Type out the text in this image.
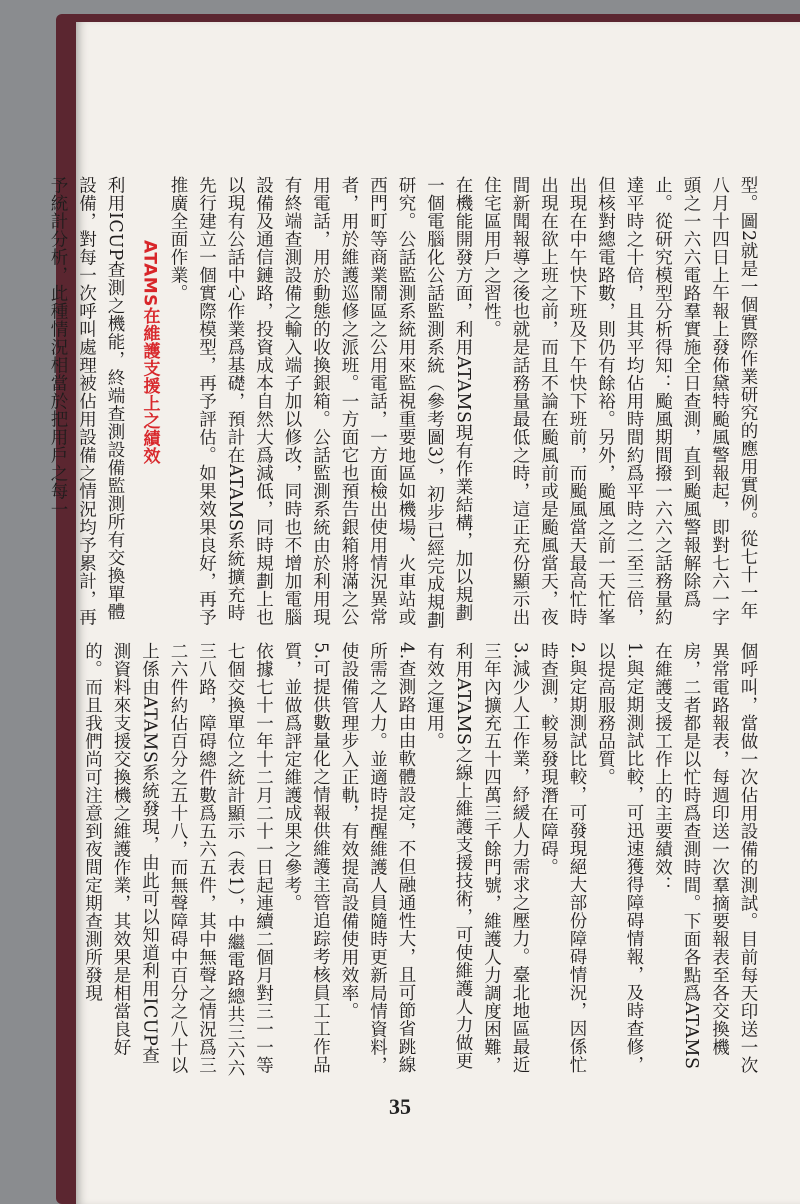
型。圖2就是一個實際作業研究的應用實例。從七十一年八月十四日上午報上發佈黛特颱風警報起，即對七六一字頭之一六六電路羣實施全日查測，直到颱風警報解除爲止。從研究模型分析得知：颱風期間撥一六六之話務量約達平時之十倍，且其平均佔用時間約爲平時之二至三倍，但核對總電路數，則仍有餘裕。另外，颱風之前一天忙峯出現在中午快下班及下午快下班前，而颱風當天最高忙時出現在欲上班之前，而且不論在颱風前或是颱風當天，夜間新聞報導之後也就是話務量最低之時，這正充份顯示出住宅區用戶之習性。

在機能開發方面，利用ATAMS現有作業結構，加以規劃一個電腦化公話監測系統（參考圖3），初步已經完成規劃研究。公話監測系統用來監視重要地區如機場、火車站或西門町等商業鬧區之公用電話，一方面檢出使用情況異常者，用於維護巡修之派班。一方面它也預告銀箱將滿之公用電話，用於動態的收換銀箱。公話監測系統由於利用現有終端查測設備之輸入端子加以修改，同時也不增加電腦設備及通信鏈路，投資成本自然大爲減低，同時規劃上也以現有公話中心作業爲基礎，預計在ATAMS系統擴充時先行建立一個實際模型，再予評估。如果效果良好，再予推廣全面作業。

ATAMS在維護支援上之績效

利用ICUP查測之機能，終端查測設備監測所有交換單體設備，對每一次呼叫處理被佔用設備之情況均予累計，再予統計分析，此種情況相當於把用戶之每一

個呼叫，當做一次佔用設備的測試。目前每天印送一次異常電路報表，每週印送一次羣摘要報表至各交換機房，二者都是以忙時爲查測時間。下面各點爲ATAMS在維護支援工作上的主要績效：

1.與定期測試比較，可迅速獲得障碍情報，及時查修，以提高服務品質。

2.與定期測試比較，可發現絕大部份障碍情況，因係忙時查測，較易發現潛在障碍。

3.減少人工作業，紓緩人力需求之壓力。臺北地區最近三年內擴充五十四萬三千餘門號，維護人力調度困難，利用ATAMS之線上維護支援技術，可使維護人力做更有效之運用。

4.查測路由由軟體設定，不但融通性大，且可節省跳線所需之人力。並適時提醒維護人員隨時更新局情資料，使設備管理步入正軌，有效提高設備使用效率。

5.可提供數量化之情報供維護主管追踪考核員工工作品質，並做爲評定維護成果之參考。

依據七十一年十二月二十一日起連續二個月對三一一等七個交換單位之統計顯示（表1），中繼電路總共三六六三八路，障碍總件數爲五六五件，其中無聲之情況爲三二六件約佔百分之五十八，而無聲障碍中百分之八十以上係由ATAMS系統發現，由此可以知道利用ICUP查測資料來支援交換機之維護作業，其效果是相當良好的。而且我們尚可注意到夜間定期查測所發現

35
